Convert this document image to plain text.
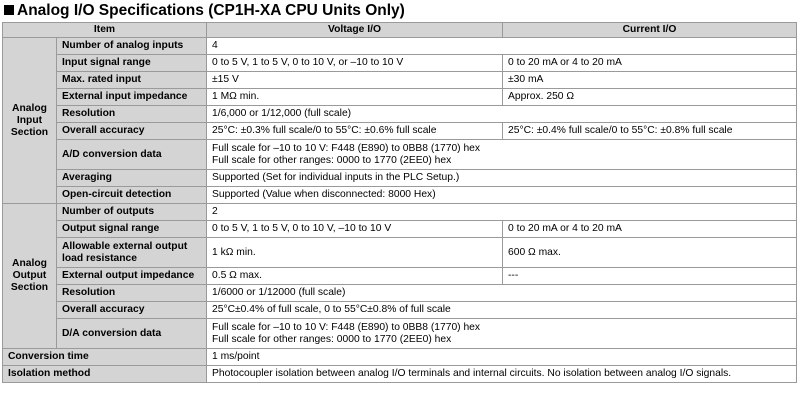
Analog I/O Specifications (CP1H-XA CPU Units Only)
Item		Voltage I/O	Current I/O

Analog
Input
Section	Number of analog inputs	4	
	Input signal range	0 to 5 V, 1 to 5 V, 0 to 10 V, or –10 to 10 V	0 to 20 mA or 4 to 20 mA
	Max. rated input	±15 V	±30 mA
	External input impedance	1 MΩ min.	Approx. 250 Ω
	Resolution	1/6,000 or 1/12,000 (full scale)	
	Overall accuracy	25°C: ±0.3% full scale/0 to 55°C: ±0.6% full scale	25°C: ±0.4% full scale/0 to 55°C: ±0.8% full scale
	A/D conversion data	Full scale for –10 to 10 V: F448 (E890) to 0BB8 (1770) hex
Full scale for other ranges: 0000 to 1770 (2EE0) hex	

	Averaging	Supported (Set for individual inputs in the PLC Setup.)	
	Open-circuit detection	Supported (Value when disconnected: 8000 Hex)	

Analog
Output
Section	Number of outputs	2	
	Output signal range	0 to 5 V, 1 to 5 V, 0 to 10 V, –10 to 10 V	0 to 20 mA or 4 to 20 mA

	Allowable external output
load resistance	1 kΩ min.	600 Ω max.
	External output impedance	0.5 Ω max.	---
	Resolution	1/6000 or 1/12000 (full scale)	
	Overall accuracy	25°C±0.4% of full scale, 0 to 55°C±0.8% of full scale	
	D/A conversion data	Full scale for –10 to 10 V: F448 (E890) to 0BB8 (1770) hex
Full scale for other ranges: 0000 to 1770 (2EE0) hex	

Conversion time		1 ms/point	
Isolation method		Photocoupler isolation between analog I/O terminals and internal circuits. No isolation between analog I/O signals.	
